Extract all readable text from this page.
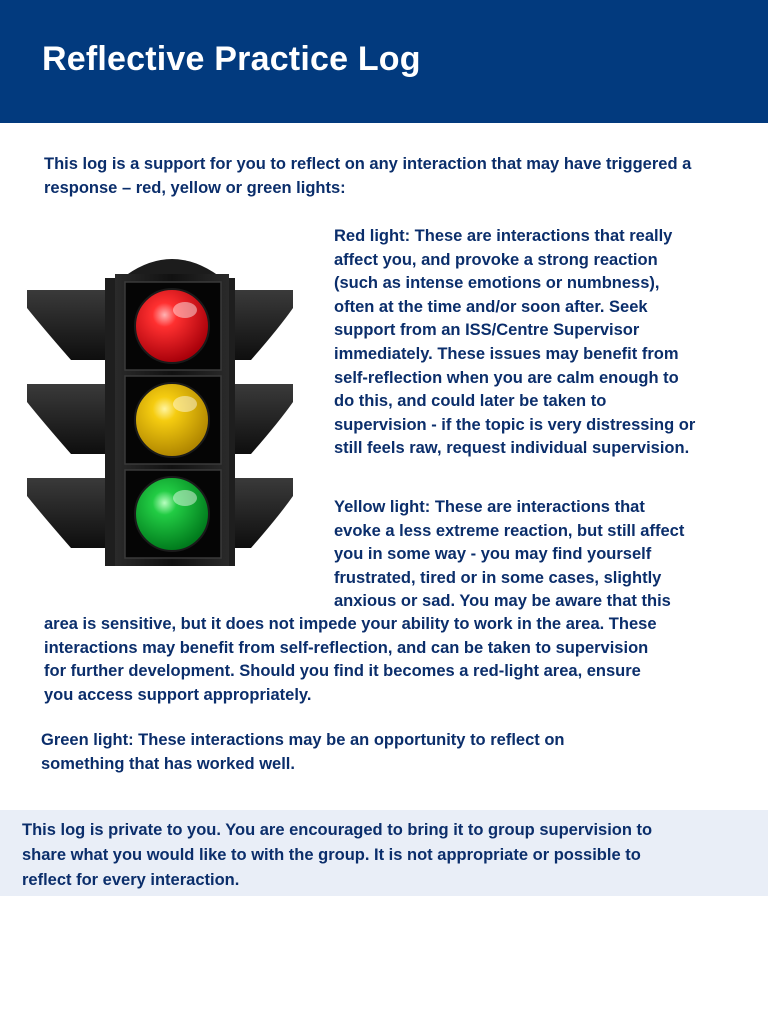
Reflective Practice Log
This log is a support for you to reflect on any interaction that may have triggered a response – red, yellow or green lights:
Red light: These are interactions that really
affect you, and provoke a strong reaction
(such as intense emotions or numbness),
often at the time and/or soon after. Seek
support from an ISS/Centre Supervisor
immediately. These issues may benefit from
self-reflection when you are calm enough to
do this, and could later be taken to
supervision - if the topic is very distressing or
still feels raw, request individual supervision.
Yellow light: These are interactions that
evoke a less extreme reaction, but still affect
you in some way - you may find yourself
frustrated, tired or in some cases, slightly
anxious or sad. You may be aware that this
area is sensitive, but it does not impede your ability to work in the area. These
interactions may benefit from self-reflection, and can be taken to supervision
for further development. Should you find it becomes a red-light area, ensure
you access support appropriately.
Green light: These interactions may be an opportunity to reflect on
something that has worked well.
This log is private to you. You are encouraged to bring it to group supervision to
share what you would like to with the group. It is not appropriate or possible to
reflect for every interaction.
